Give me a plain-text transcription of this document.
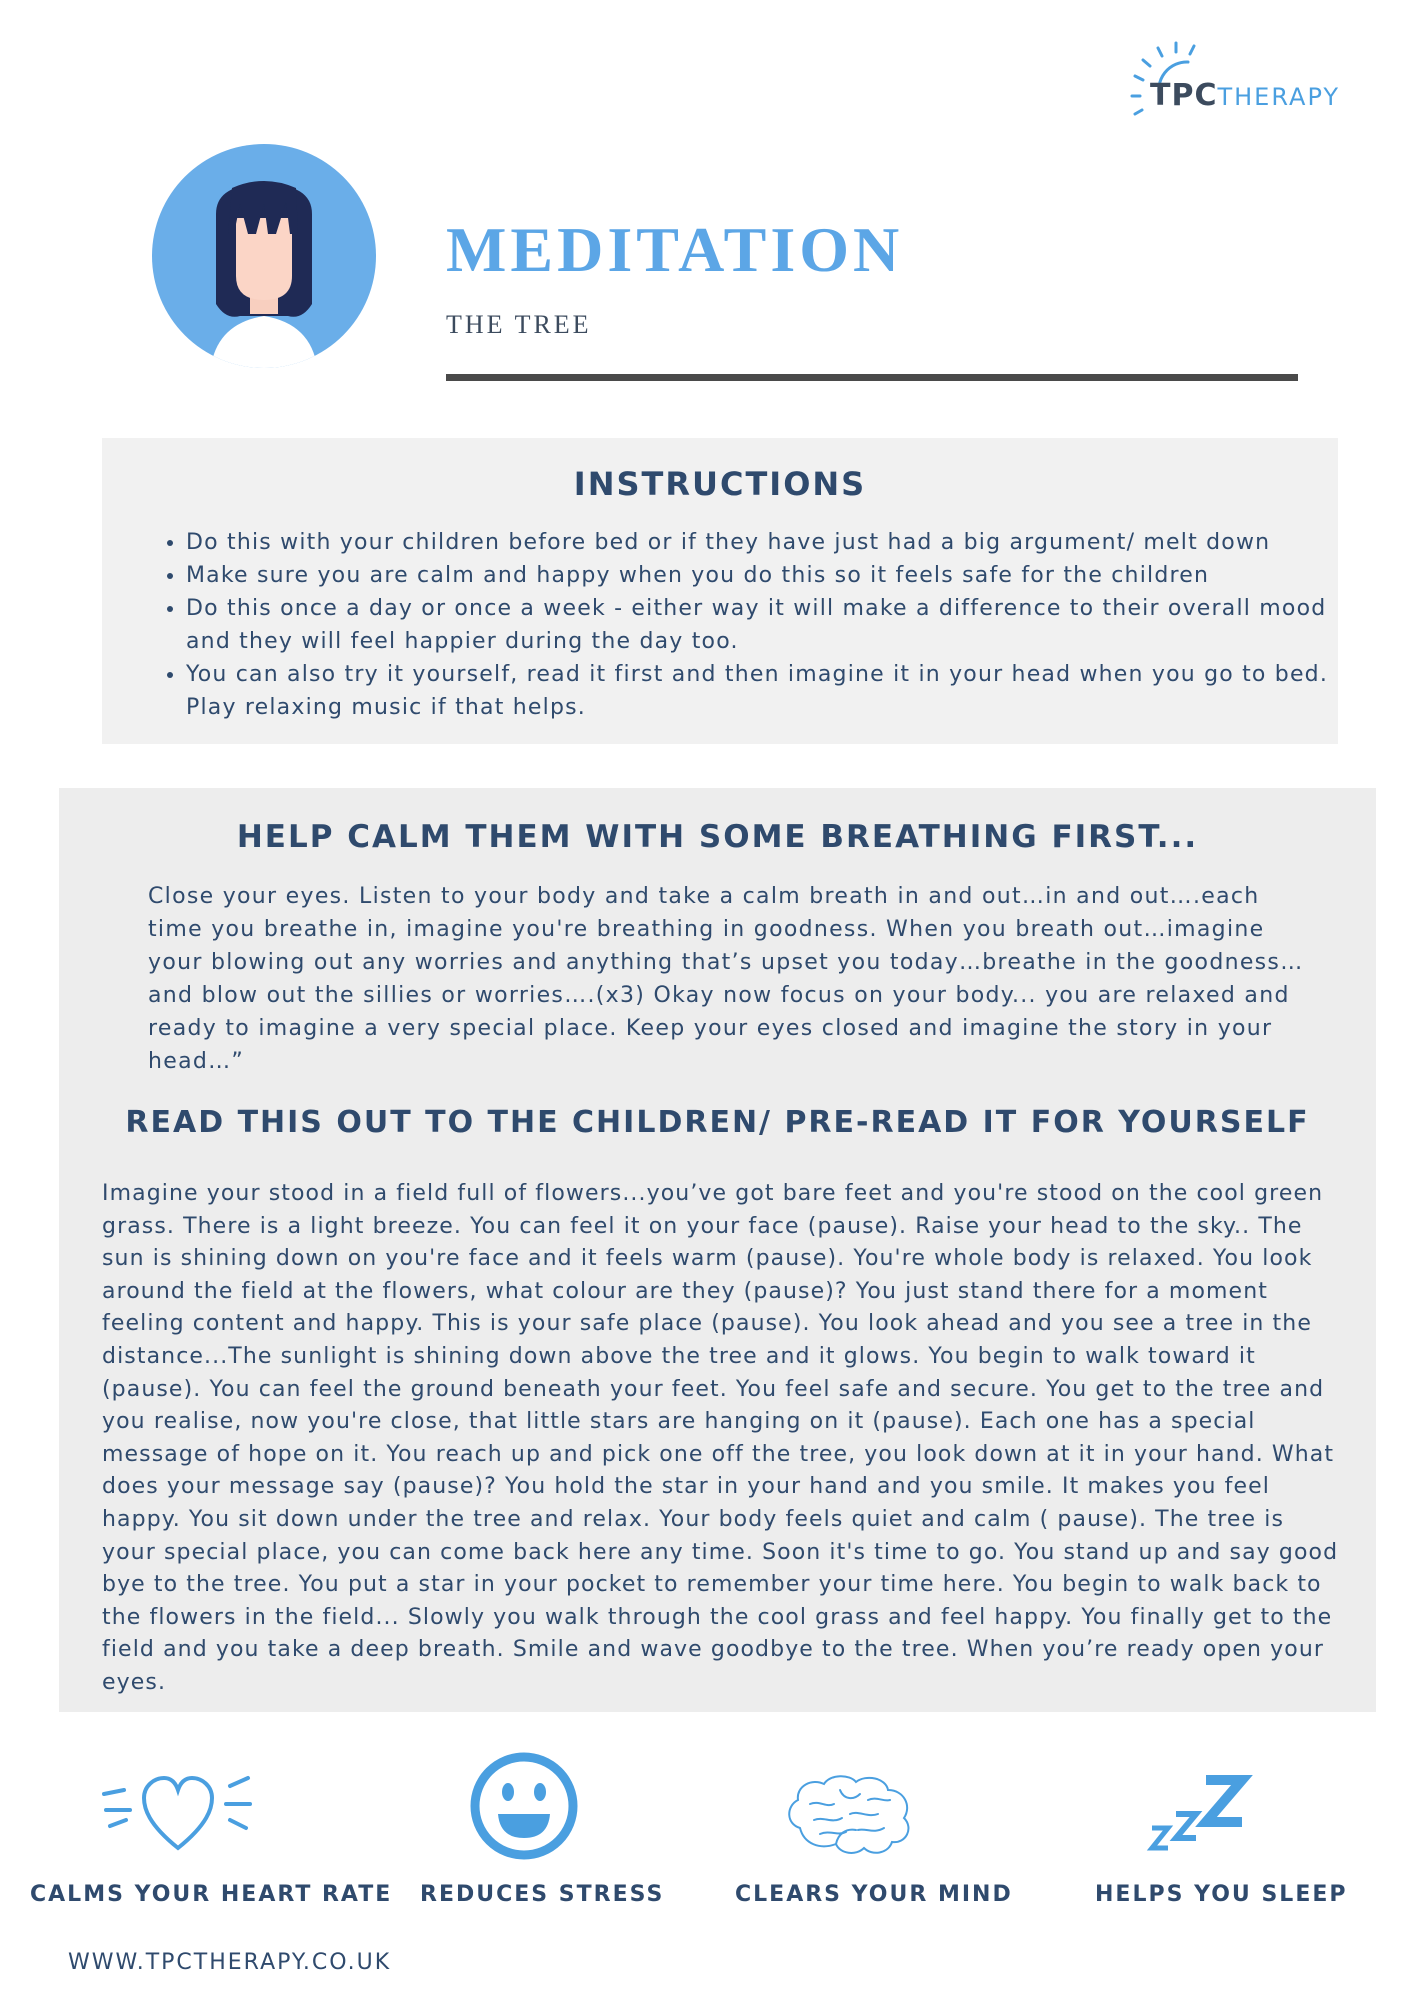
TPCTHERAPY
MEDITATION
THE TREE
INSTRUCTIONS
• Do this with your children before bed or if they have just had a big argument/ melt down
• Make sure you are calm and happy when you do this so it feels safe for the children
• Do this once a day or once a week - either way it will make a difference to their overall mood and they will feel happier during the day too.
• You can also try it yourself, read it first and then imagine it in your head when you go to bed. Play relaxing music if that helps.
HELP CALM THEM WITH SOME BREATHING FIRST...

Close your eyes. Listen to your body and take a calm breath in and out…in and out….each time you breathe in, imagine you're breathing in goodness. When you breath out…imagine your blowing out any worries and anything that’s upset you today…breathe in the goodness…and blow out the sillies or worries….(x3) Okay now focus on your body... you are relaxed and ready to imagine a very special place. Keep your eyes closed and imagine the story in your head…”

READ THIS OUT TO THE CHILDREN/ PRE-READ IT FOR YOURSELF

Imagine your stood in a field full of flowers...you’ve got bare feet and you're stood on the cool green grass. There is a light breeze. You can feel it on your face (pause). Raise your head to the sky.. The sun is shining down on you're face and it feels warm (pause). You're whole body is relaxed. You look around the field at the flowers, what colour are they (pause)? You just stand there for a moment feeling content and happy. This is your safe place (pause). You look ahead and you see a tree in the distance...The sunlight is shining down above the tree and it glows. You begin to walk toward it (pause). You can feel the ground beneath your feet. You feel safe and secure. You get to the tree and you realise, now you're close, that little stars are hanging on it (pause). Each one has a special message of hope on it. You reach up and pick one off the tree, you look down at it in your hand. What does your message say (pause)? You hold the star in your hand and you smile. It makes you feel happy. You sit down under the tree and relax. Your body feels quiet and calm ( pause). The tree is your special place, you can come back here any time. Soon it's time to go. You stand up and say good bye to the tree. You put a star in your pocket to remember your time here. You begin to walk back to the flowers in the field... Slowly you walk through the cool grass and feel happy. You finally get to the field and you take a deep breath. Smile and wave goodbye to the tree. When you’re ready open your eyes.

CALMS YOUR HEART RATE REDUCES STRESS	CLEARS YOUR MIND	HELPS YOU SLEEP
WWW.TPCTHERAPY.CO.UK
